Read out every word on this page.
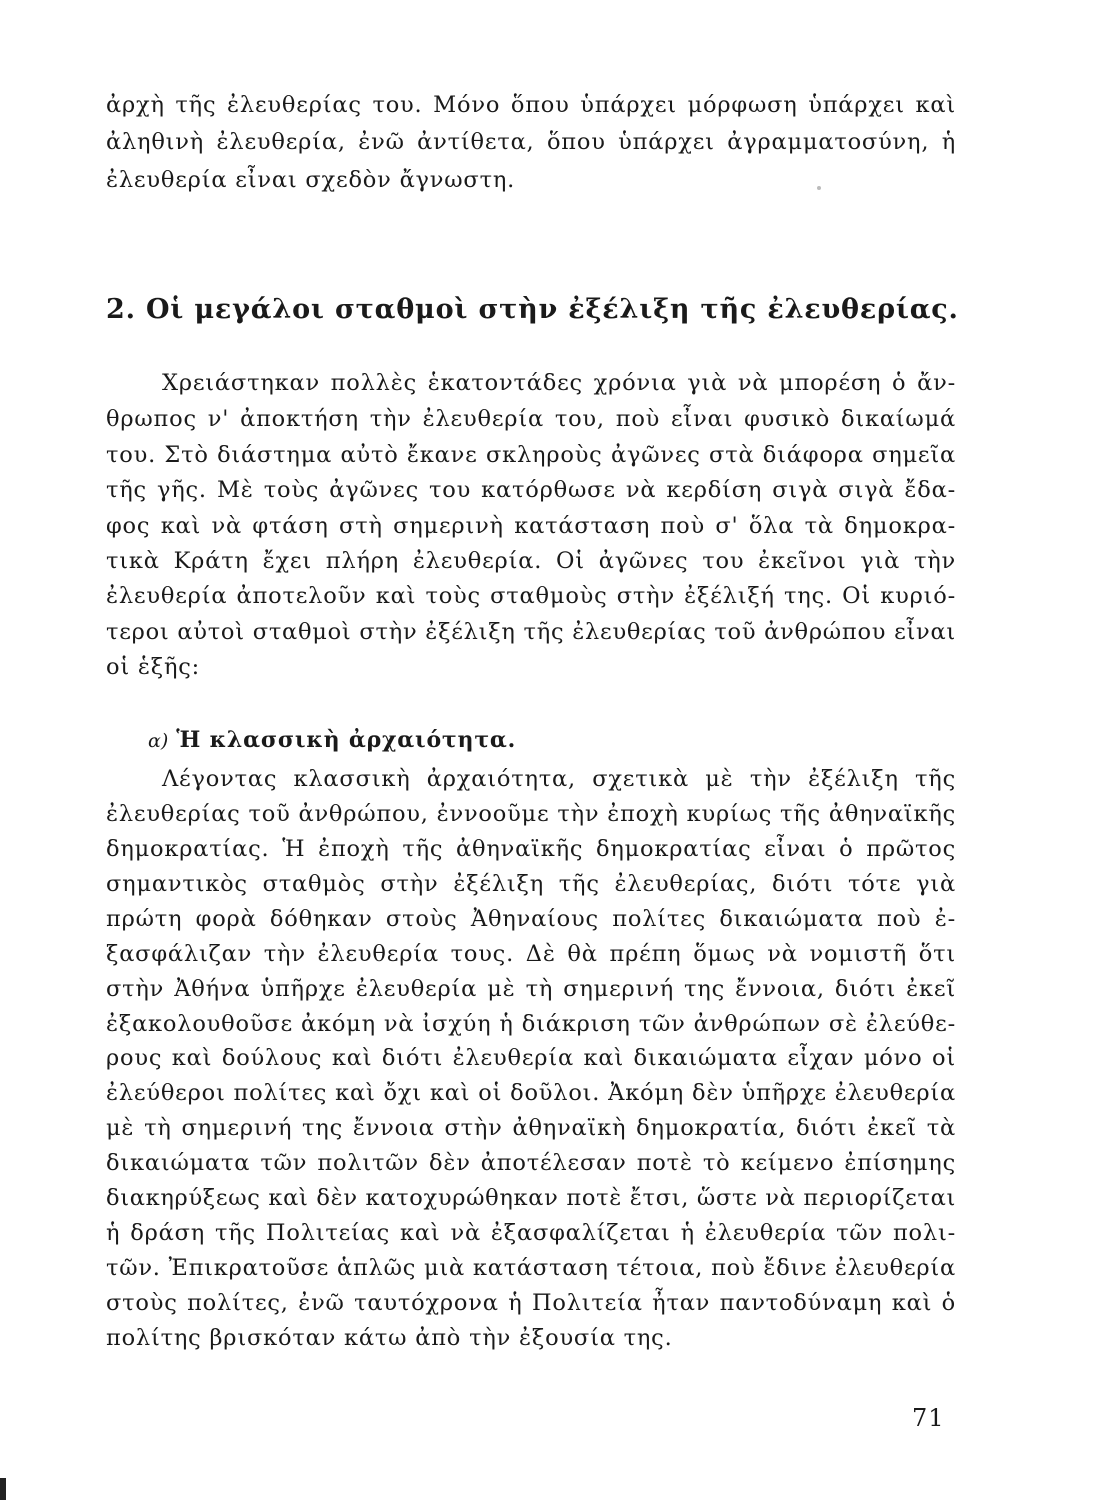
ἀρχὴ τῆς ἐλευθερίας του. Μόνο ὅπου ὑπάρχει μόρφωση ὑπάρχει καὶ
ἀληθινὴ ἐλευθερία, ἐνῶ ἀντίθετα, ὅπου ὑπάρχει ἀγραμματοσύνη, ἡ
ἐλευθερία εἶναι σχεδὸν ἄγνωστη.
2. Οἱ μεγάλοι σταθμοὶ στὴν ἐξέλιξη τῆς ἐλευθερίας.
Χρειάστηκαν πολλὲς ἑκατοντάδες χρόνια γιὰ νὰ μπορέση ὁ ἄν-
θρωπος ν' ἀποκτήση τὴν ἐλευθερία του, ποὺ εἶναι φυσικὸ δικαίωμά
του. Στὸ διάστημα αὐτὸ ἔκανε σκληροὺς ἀγῶνες στὰ διάφορα σημεῖα
τῆς γῆς. Μὲ τοὺς ἀγῶνες του κατόρθωσε νὰ κερδίση σιγὰ σιγὰ ἔδα-
φος καὶ νὰ φτάση στὴ σημερινὴ κατάσταση ποὺ σ' ὅλα τὰ δημοκρα-
τικὰ Κράτη ἔχει πλήρη ἐλευθερία. Οἱ ἀγῶνες του ἐκεῖνοι γιὰ τὴν
ἐλευθερία ἀποτελοῦν καὶ τοὺς σταθμοὺς στὴν ἐξέλιξή της. Οἱ κυριό-
τεροι αὐτοὶ σταθμοὶ στὴν ἐξέλιξη τῆς ἐλευθερίας τοῦ ἀνθρώπου εἶναι
οἱ ἑξῆς:
α) Ἡ κλασσικὴ ἀρχαιότητα.
Λέγοντας κλασσικὴ ἀρχαιότητα, σχετικὰ μὲ τὴν ἐξέλιξη τῆς
ἐλευθερίας τοῦ ἀνθρώπου, ἐννοοῦμε τὴν ἐποχὴ κυρίως τῆς ἀθηναϊκῆς
δημοκρατίας. Ἡ ἐποχὴ τῆς ἀθηναϊκῆς δημοκρατίας εἶναι ὁ πρῶτος
σημαντικὸς σταθμὸς στὴν ἐξέλιξη τῆς ἐλευθερίας, διότι τότε γιὰ
πρώτη φορὰ δόθηκαν στοὺς Ἀθηναίους πολίτες δικαιώματα ποὺ ἐ-
ξασφάλιζαν τὴν ἐλευθερία τους. Δὲ θὰ πρέπη ὅμως νὰ νομιστῆ ὅτι
στὴν Ἀθήνα ὑπῆρχε ἐλευθερία μὲ τὴ σημερινή της ἔννοια, διότι ἐκεῖ
ἐξακολουθοῦσε ἀκόμη νὰ ἰσχύη ἡ διάκριση τῶν ἀνθρώπων σὲ ἐλεύθε-
ρους καὶ δούλους καὶ διότι ἐλευθερία καὶ δικαιώματα εἶχαν μόνο οἱ
ἐλεύθεροι πολίτες καὶ ὄχι καὶ οἱ δοῦλοι. Ἀκόμη δὲν ὑπῆρχε ἐλευθερία
μὲ τὴ σημερινή της ἔννοια στὴν ἀθηναϊκὴ δημοκρατία, διότι ἐκεῖ τὰ
δικαιώματα τῶν πολιτῶν δὲν ἀποτέλεσαν ποτὲ τὸ κείμενο ἐπίσημης
διακηρύξεως καὶ δὲν κατοχυρώθηκαν ποτὲ ἔτσι, ὥστε νὰ περιορίζεται
ἡ δράση τῆς Πολιτείας καὶ νὰ ἐξασφαλίζεται ἡ ἐλευθερία τῶν πολι-
τῶν. Ἐπικρατοῦσε ἁπλῶς μιὰ κατάσταση τέτοια, ποὺ ἔδινε ἐλευθερία
στοὺς πολίτες, ἐνῶ ταυτόχρονα ἡ Πολιτεία ἦταν παντοδύναμη καὶ ὁ
πολίτης βρισκόταν κάτω ἀπὸ τὴν ἐξουσία της.
71
